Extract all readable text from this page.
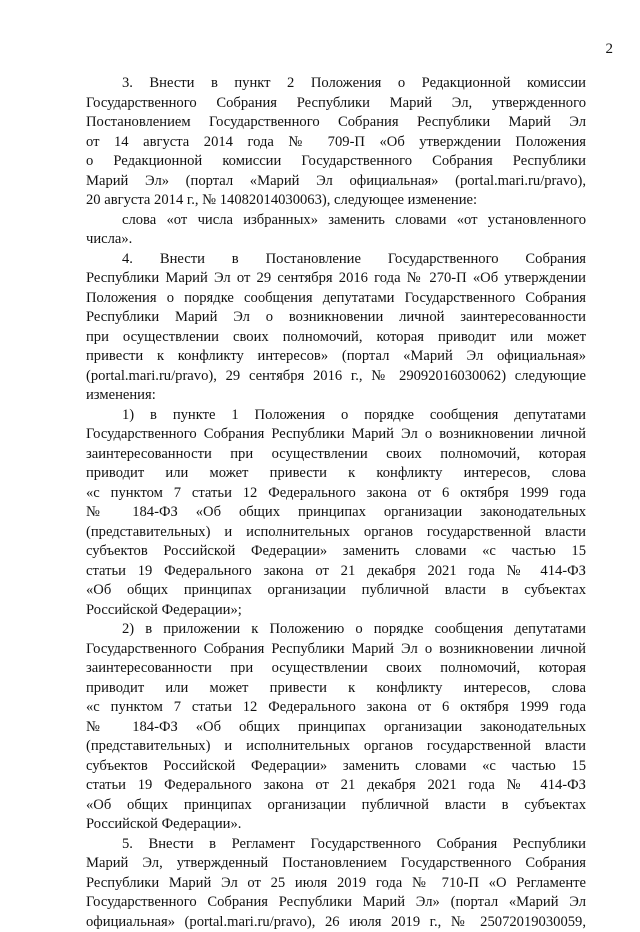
2
3. Внести в пункт 2 Положения о Редакционной комиссии
Государственного Собрания Республики Марий Эл, утвержденного
Постановлением Государственного Собрания Республики Марий Эл
от 14 августа 2014 года № 709-П «Об утверждении Положения
о Редакционной комиссии Государственного Собрания Республики
Марий Эл» (портал «Марий Эл официальная» (portal.mari.ru/pravo),
20 августа 2014 г., № 14082014030063), следующее изменение:
слова «от числа избранных» заменить словами «от установленного
числа».
4. Внести в Постановление Государственного Собрания
Республики Марий Эл от 29 сентября 2016 года № 270-П «Об утверждении
Положения о порядке сообщения депутатами Государственного Собрания
Республики Марий Эл о возникновении личной заинтересованности
при осуществлении своих полномочий, которая приводит или может
привести к конфликту интересов» (портал «Марий Эл официальная»
(portal.mari.ru/pravo), 29 сентября 2016 г., № 29092016030062) следующие
изменения:
1) в пункте 1 Положения о порядке сообщения депутатами
Государственного Собрания Республики Марий Эл о возникновении личной
заинтересованности при осуществлении своих полномочий, которая
приводит или может привести к конфликту интересов, слова
«с пунктом 7 статьи 12 Федерального закона от 6 октября 1999 года
№ 184-ФЗ «Об общих принципах организации законодательных
(представительных) и исполнительных органов государственной власти
субъектов Российской Федерации» заменить словами «с частью 15
статьи 19 Федерального закона от 21 декабря 2021 года № 414-ФЗ
«Об общих принципах организации публичной власти в субъектах
Российской Федерации»;
2) в приложении к Положению о порядке сообщения депутатами
Государственного Собрания Республики Марий Эл о возникновении личной
заинтересованности при осуществлении своих полномочий, которая
приводит или может привести к конфликту интересов, слова
«с пунктом 7 статьи 12 Федерального закона от 6 октября 1999 года
№ 184-ФЗ «Об общих принципах организации законодательных
(представительных) и исполнительных органов государственной власти
субъектов Российской Федерации» заменить словами «с частью 15
статьи 19 Федерального закона от 21 декабря 2021 года № 414-ФЗ
«Об общих принципах организации публичной власти в субъектах
Российской Федерации».
5. Внести в Регламент Государственного Собрания Республики
Марий Эл, утвержденный Постановлением Государственного Собрания
Республики Марий Эл от 25 июля 2019 года № 710-П «О Регламенте
Государственного Собрания Республики Марий Эл» (портал «Марий Эл
официальная» (portal.mari.ru/pravo), 26 июля 2019 г., № 25072019030059,
